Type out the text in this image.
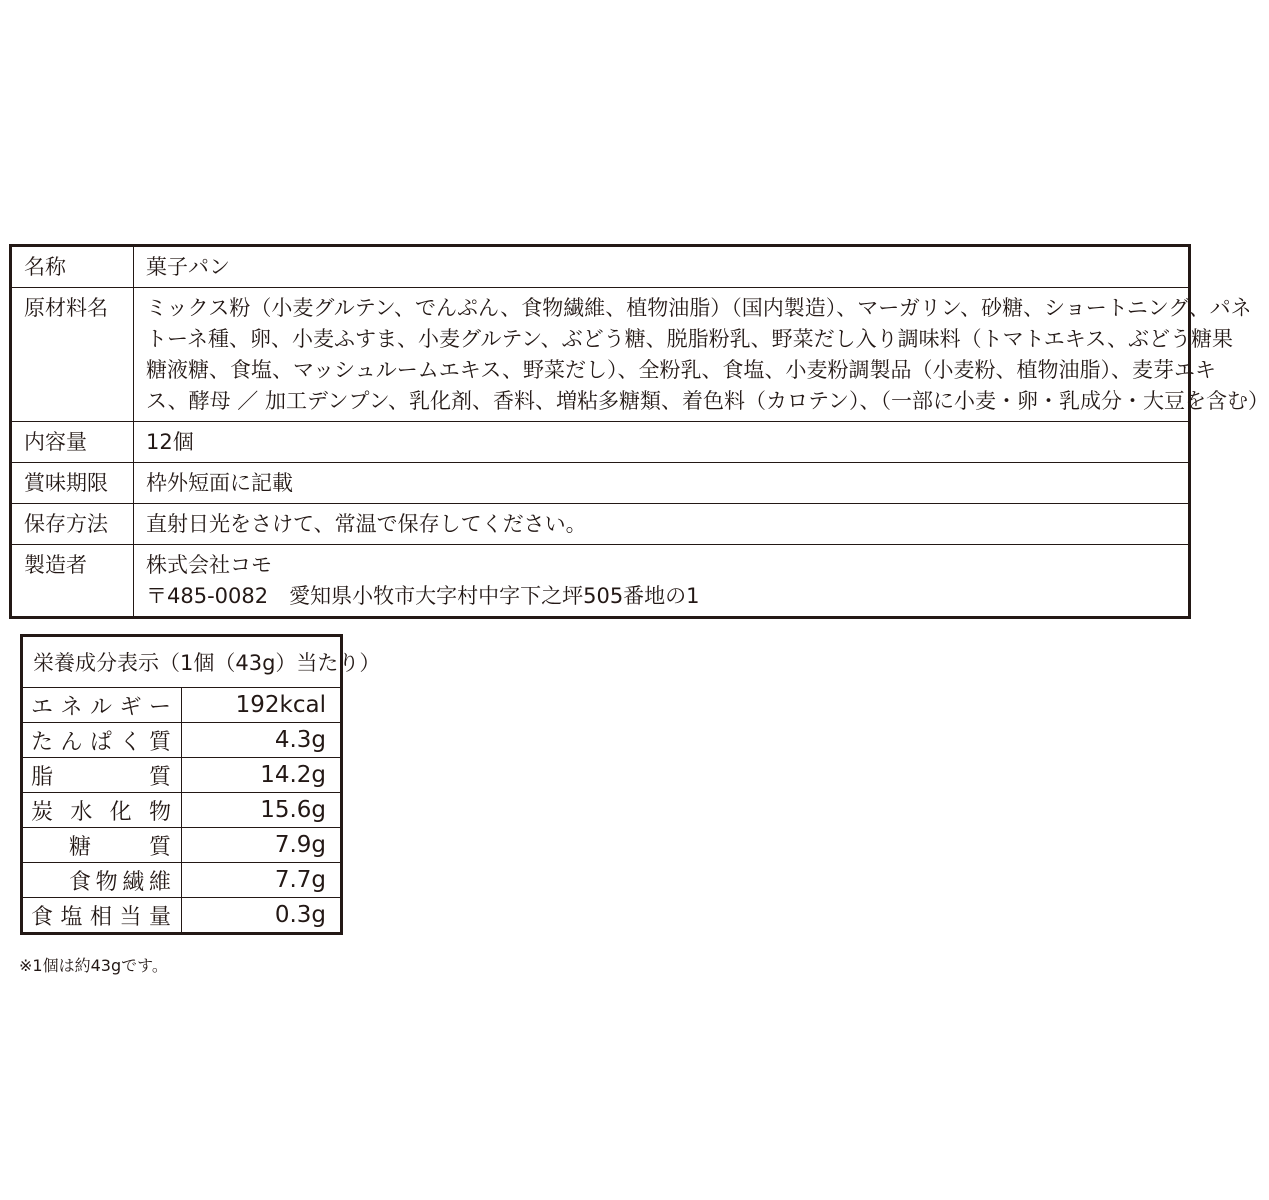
名称	菓子パン
原材料名	ミックス粉（小麦グルテン、でんぷん、食物繊維、植物油脂）（国内製造）、マーガリン、砂糖、ショートニング、パネ
トーネ種、卵、小麦ふすま、小麦グルテン、ぶどう糖、脱脂粉乳、野菜だし入り調味料（トマトエキス、ぶどう糖果
糖液糖、食塩、マッシュルームエキス、野菜だし）、全粉乳、食塩、小麦粉調製品（小麦粉、植物油脂）、麦芽エキ
ス、酵母 ／ 加工デンプン、乳化剤、香料、増粘多糖類、着色料（カロテン）、（一部に小麦・卵・乳成分・大豆を含む）

内容量	12個
賞味期限	枠外短面に記載
保存方法	直射日光をさけて、常温で保存してください。
製造者	株式会社コモ
〒485-0082　愛知県小牧市大字村中字下之坪505番地の1
栄養成分表示（1個（43g）当たり）	
エネルギー	192kcal
たんぱく質	4.3g
脂質	14.2g
炭水化物	15.6g
糖質	7.9g
食物繊維	7.7g
食塩相当量	0.3g
※1個は約43gです。
